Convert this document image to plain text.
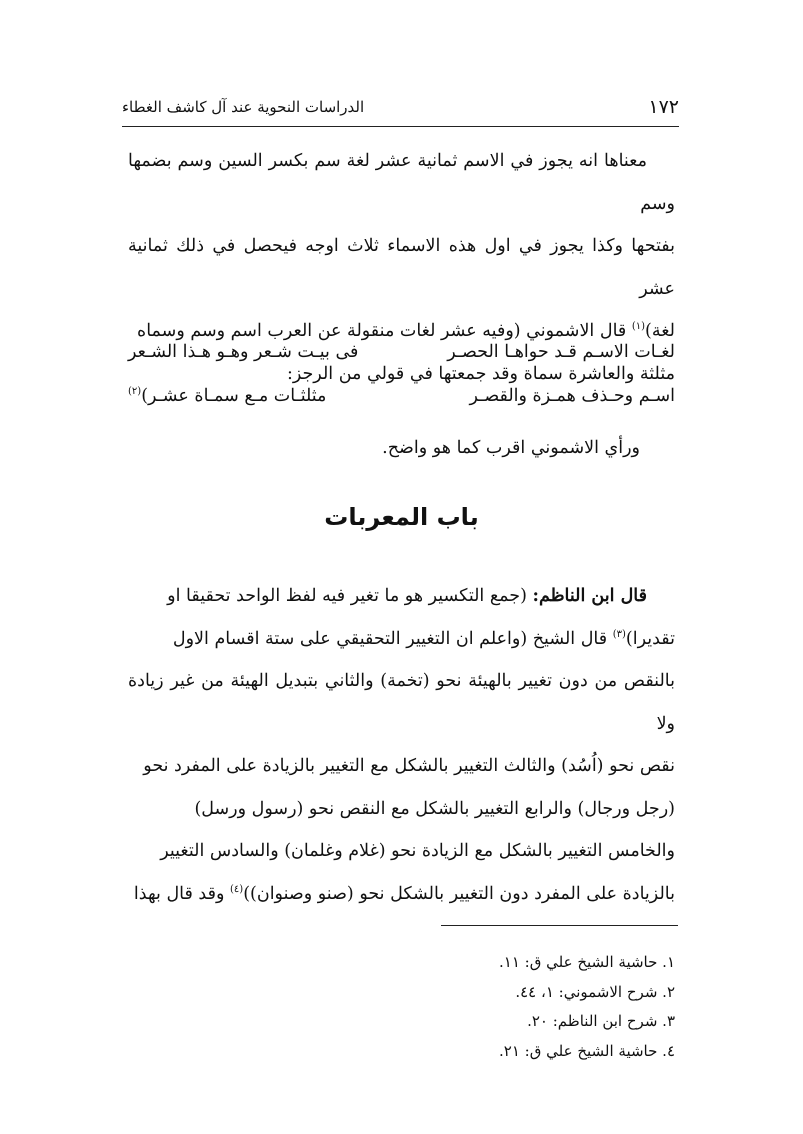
١٧٢
الدراسات النحوية عند آل كاشف الغطاء
معناها انه يجوز في الاسم ثمانية عشر لغة سم بكسر السين وسم بضمها وسم
بفتحها وكذا يجوز في اول هذه الاسماء ثلاث اوجه فيحصل في ذلك ثمانية عشر
لغة)$^{(١)}$ قال الاشموني (وفيه عشر لغات منقولة عن العرب اسم وسم وسماه
مثلثة والعاشرة سماة وقد جمعتها في قولي من الرجز:
لغـات الاسـم قـد حواهـا الحصـر
فى بيـت شـعر وهـو هـذا الشـعر
اسـم وحـذف همـزة والقصـر
مثلثـات مـع سمـاة عشـر)$^{(٢)}$
ورأي الاشموني اقرب كما هو واضح.
باب المعربات
قال ابن الناظم: (جمع التكسير هو ما تغير فيه لفظ الواحد تحقيقا او
تقديرا)$^{(٣)}$ قال الشيخ (واعلم ان التغيير التحقيقي على ستة اقسام الاول
بالنقص من دون تغيير بالهيئة نحو (تخمة) والثاني بتبديل الهيئة من غير زيادة ولا
نقص نحو (اُسُد) والثالث التغيير بالشكل مع التغيير بالزيادة على المفرد نحو
(رجل ورجال) والرابع التغيير بالشكل مع النقص نحو (رسول ورسل)
والخامس التغيير بالشكل مع الزيادة نحو (غلام وغلمان) والسادس التغيير
بالزيادة على المفرد دون التغيير بالشكل نحو (صنو وصنوان))$^{(٤)}$ وقد قال بهذا
١. حاشية الشيخ علي ق: ١١.
٢. شرح الاشموني: ١، ٤٤.
٣. شرح ابن الناظم: ٢٠.
٤. حاشية الشيخ علي ق: ٢١.
